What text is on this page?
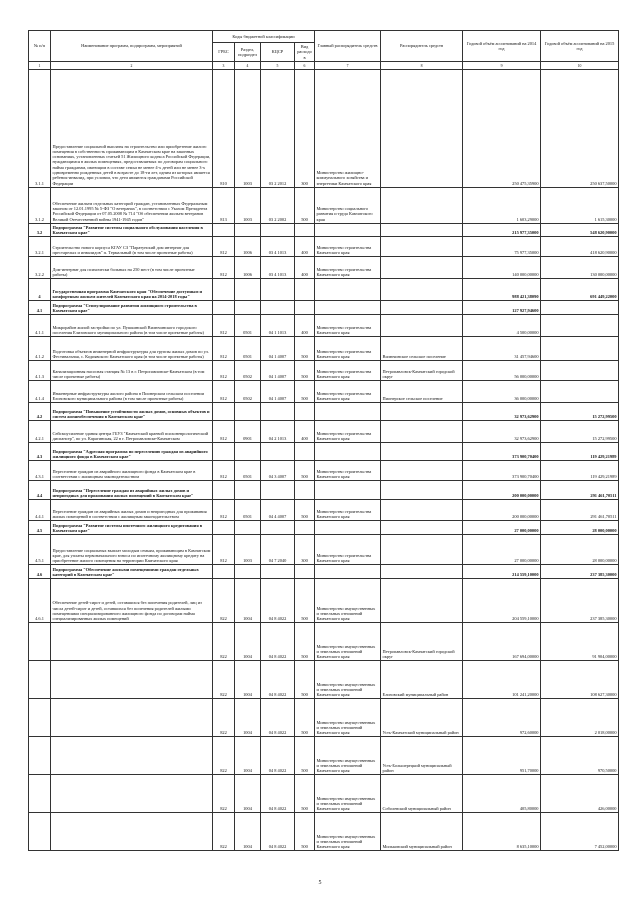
№ п/п	Наименование программ, подпрограмм, мероприятий	Коды бюджетной классификации				Главный распорядитель средств	Распорядитель средств	Годовой объём ассигнований на 2014 год	Годовой объём ассигнований на 2015 год
		ГРБС	Раздел, подраздел	КЦСР	Вид расходов				
1	2	3	4	5	6	7	8	9	10
3.1.1	Предоставление социальной выплаты на строительство или приобретение жилого помещения в собственность проживающим в Камчатском крае на законных основаниях, установленных статьей 51 Жилищного кодекса Российской Федерации, нуждающимся в жилых помещениях, предоставляемых по договорам социального найма гражданам, имеющим в составе семьи не менее 4-х детей или не менее 3-х одновременно рожденных детей в возрасте до 18-ти лет, одним из которых является ребенок-инвалид, при условии, что дети являются гражданами Российской Федерации	810	1003	03 2 2012	300	Министерство жилищно-коммунального хозяйства и энергетики Камчатского края		250 475,35900	250 637,50000
3.1.2	Обеспечение жильем отдельных категорий граждан, установленных Федеральным законом от 12.01.1995 № 5-ФЗ "О ветеранах", в соответствии с Указом Президента Российской Федерации от 07.05.2008 № 714 "Об обеспечении жильем ветеранов Великой Отечественной войны 1941-1945 годов"	813	1003	03 2 2002	500	Министерство социального развития и труда Камчатского края		1 603,29000	1 615,30000
3.2	Подпрограмма "Развитие системы социального обслуживания населения в Камчатском крае"							215 977,35000	548 620,90000
3.2.1	Строительство нового корпуса КГАУ СЗ "Паратунский дом интернат для престарелых и инвалидов" п. Термальный (в том числе проектные работы)	812	1006	03 4 1013	400	Министерство строительства Камчатского края		75 977,35000	418 620,90000
3.2.2	Дом-интернат для психически больных на 250 мест (в том числе проектные работы)	812	1006	03 4 1013	400	Министерство строительства Камчатского края		140 000,00000	130 000,00000
4	Государственная программа Камчатского края "Обеспечение доступным и комфортным жильем жителей Камчатского края на 2014-2018 годы"							988 421,38090	691 449,22000
4.1	Подпрограмма "Стимулирование развития жилищного строительства в Камчатском крае"							127 927,94600	
4.1.1	Микрорайон жилой застройки по ул. Пушкинской Вилючинского городского поселения Елизовского муниципального района (в том числе проектные работы)	812	0501	04 1 1013	400	Министерство строительства Камчатского края		4 500,00000	
4.1.2	Подготовка объектов инженерной инфраструктуры для группы жилых домов по ул. Фестивальная, с. Кодиявского Камчатского края (в том числе проектные работы)	812	0501	04 1 4007	500	Министерство строительства Камчатского края	Вилючинское сельское поселение	31 457,94600	
4.1.3	Канализационная насосная станция № 13 в г. Петропавловске-Камчатском (в том числе проектные работы)	812	0502	04 1 4007	500	Министерство строительства Камчатского края	Петропавловск-Камчатский городской округ	56 000,00000	
4.1.4	Инженерные инфраструктуры жилого района в Пионерском сельском поселении Елизовского муниципального района (в том числе проектные работы)	812	0502	04 1 4007	500	Министерство строительства Камчатского края	Пионерское сельское поселение	36 000,00000	
4.2	Подпрограмма "Повышение устойчивости жилых домов, основных объектов и систем жизнеобеспечения в Камчатском крае"							32 973,62900	15 272,99500
4.2.1	Сейсмоусиление здания центра ГБУЗ "Камчатский краевой психоневрологический диспансер", по ул. Карагинская, 22 в г. Петропавловске-Камчатском	812	0901	04 2 1013	400	Министерство строительства Камчатского края		32 973,62900	15 272,99500
4.3	Подпрограмма "Адресная программа по переселению граждан из аварийного жилищного фонда в Камчатском крае"							373 900,70400	119 429,21989
4.3.1	Переселение граждан из аварийного жилищного фонда в Камчатском крае в соответствии с жилищным законодательством	812	0501	04 3 4007	500	Министерство строительства Камчатского края		373 900,70400	119 429,21989
4.4	Подпрограмма "Переселение граждан из аварийных жилых домов и непригодных для проживания жилых помещений в Камчатском крае"							200 000,00000	291 461,70511
4.4.1	Переселение граждан из аварийных жилых домов и непригодных для проживания жилых помещений в соответствии с жилищным законодательством	812	0501	04 4 4007	500	Министерство строительства Камчатского края		200 000,00000	291 461,70511
4.5	Подпрограмма "Развитие системы ипотечного жилищного кредитования в Камчатском крае"							27 000,00000	28 000,00000
4.5.1	Предоставление социальных выплат молодым семьям, проживающим в Камчатском крае, для уплаты первоначального взноса по ипотечному жилищному кредиту на приобретение жилого помещения на территории Камчатского края	812	1003	04 7 2040	300	Министерство строительства Камчатского края		27 000,00000	28 000,00000
4.6	Подпрограмма "Обеспечение жилыми помещениями граждан отдельных категорий в Камчатском крае"							214 559,10000	237 385,30000
4.6.1	Обеспечение детей-сирот и детей, оставшихся без попечения родителей, лиц из числа детей-сирот и детей, оставшихся без попечения родителей жилыми помещениями специализированного жилищного фонда по договорам найма специализированных жилых помещений	822	1004	04 8 4022	500	Министерство имущественных и земельных отношений Камчатского края		204 559,10000	237 385,30000
		822	1004	04 8 4022	500	Министерство имущественных и земельных отношений Камчатского края	Петропавловск-Камчатский городской округ	167 694,00000	91 904,00000
		822	1004	04 8 4022	500	Министерство имущественных и земельных отношений Камчатского края	Елизовский муниципальный район	101 241,20000	108 627,30000
		822	1004	04 8 4022	500	Министерство имущественных и земельных отношений Камчатского края	Усть-Камчатский муниципальный район	972,60000	2 018,00000
		822	1004	04 8 4022	500	Министерство имущественных и земельных отношений Камчатского края	Усть-Большерецкий муниципальный район	951,70000	970,50000
		822	1004	04 8 4022	500	Министерство имущественных и земельных отношений Камчатского края	Соболевский муниципальный район	405,80000	426,00000
		822	1004	04 8 4022	500	Министерство имущественных и земельных отношений Камчатского края	Мильковский муниципальный район	8 635,10000	7 452,00000
5
